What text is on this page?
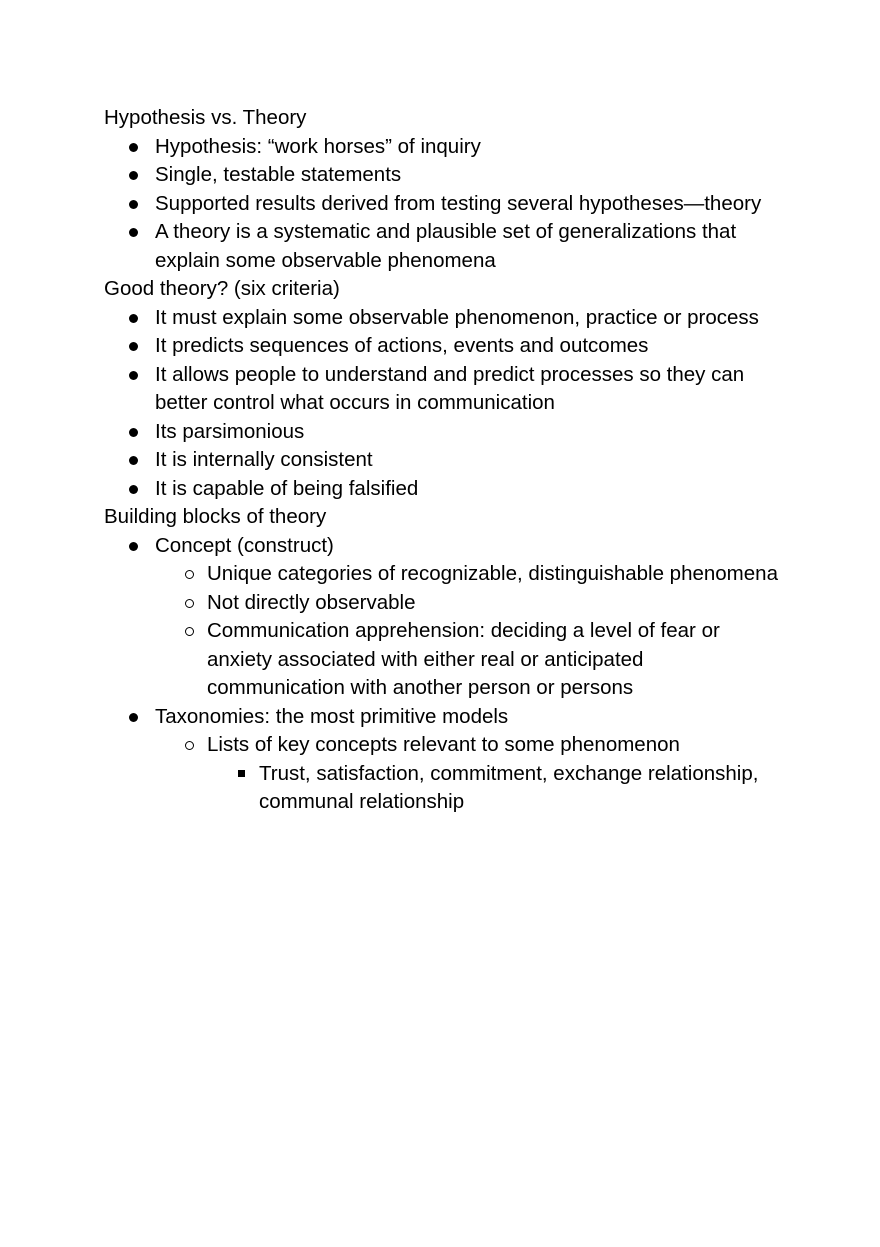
Hypothesis vs. Theory
Hypothesis: “work horses” of inquiry
Single, testable statements
Supported results derived from testing several hypotheses—theory
A theory is a systematic and plausible set of generalizations that explain some observable phenomena
Good theory? (six criteria)
It must explain some observable phenomenon, practice or process
It predicts sequences of actions, events and outcomes
It allows people to understand and predict processes so they can better control what occurs in communication
Its parsimonious
It is internally consistent
It is capable of being falsified
Building blocks of theory
Concept (construct)
Unique categories of recognizable, distinguishable phenomena
Not directly observable
Communication apprehension: deciding a level of fear or anxiety associated with either real or anticipated communication with another person or persons
Taxonomies: the most primitive models
Lists of key concepts relevant to some phenomenon
Trust, satisfaction, commitment, exchange relationship, communal relationship
